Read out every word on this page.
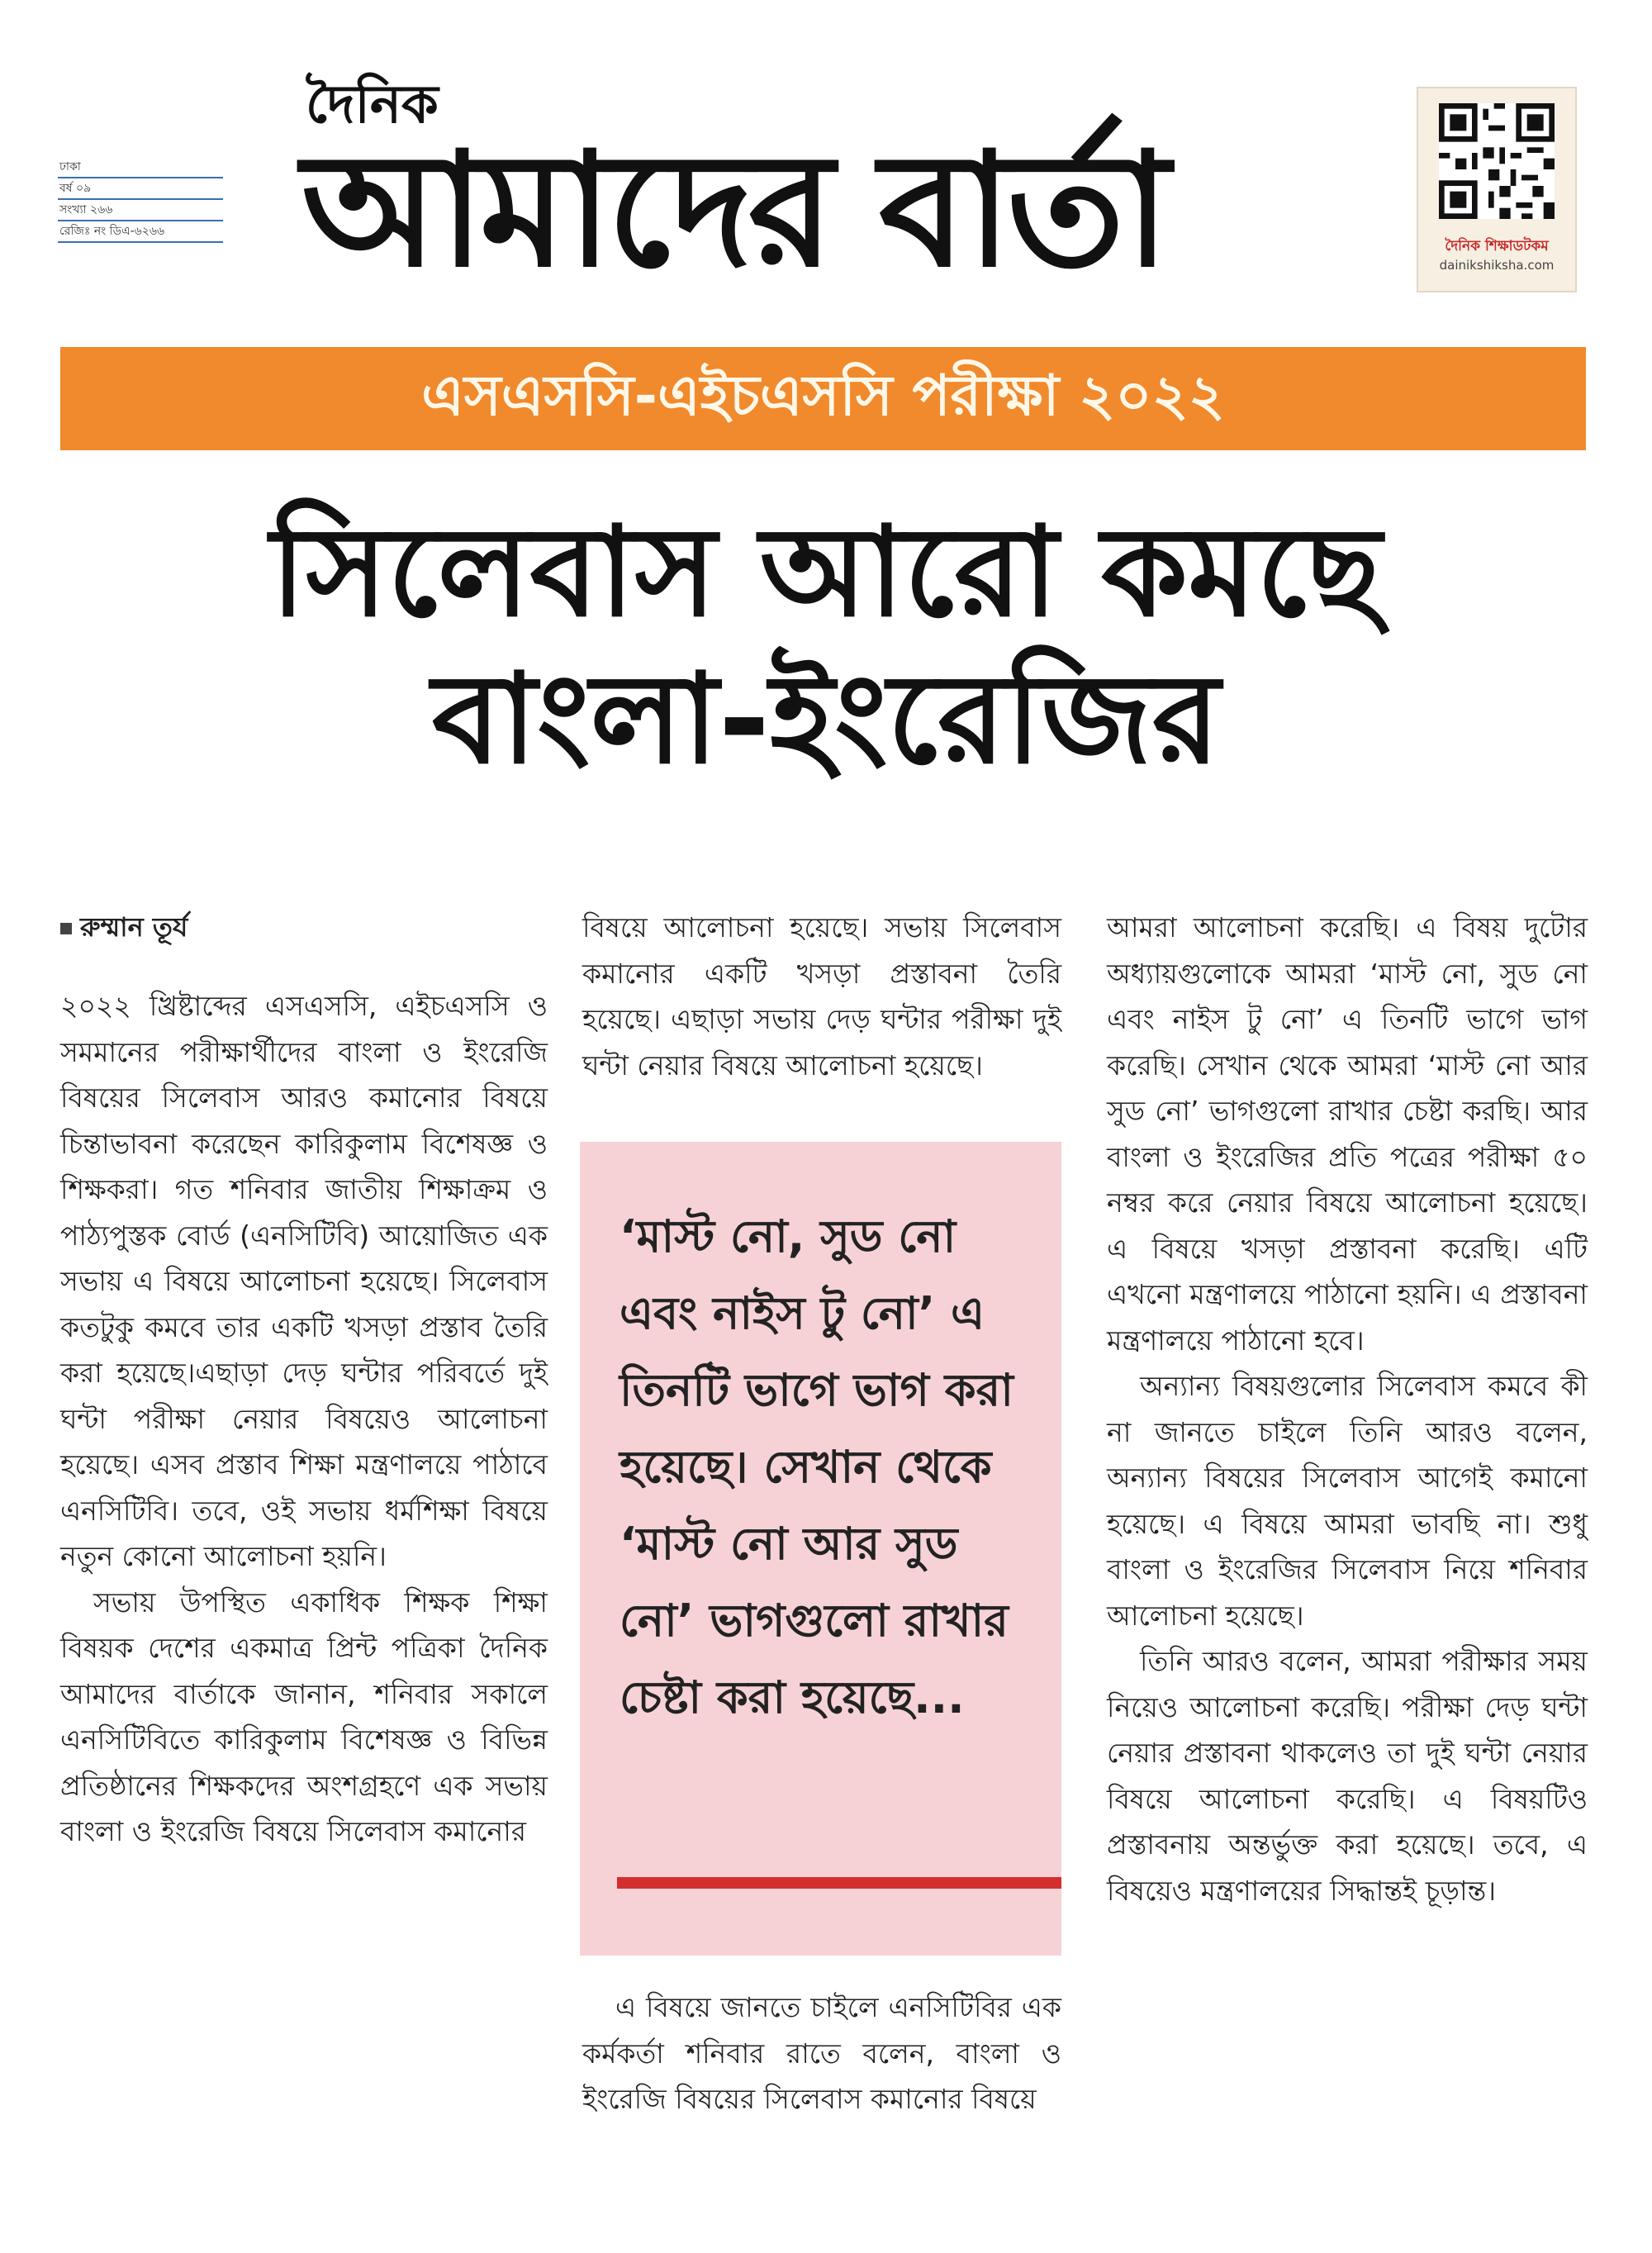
ঢাকা
বর্ষ ০৯
সংখ্যা ২৬৬
রেজিঃ নং ডিএ-৬২৬৬
দৈনিক
আমাদের বার্তা	দৈনিক শিক্ষাডটকম
dainikshiksha.com
এসএসসি-এইচএসসি পরীক্ষা ২০২২
সিলেবাস আরো কমছে
বাংলা-ইংরেজির

রুম্মান তূর্য

২০২২ খ্রিষ্টাব্দের এসএসসি, এইচএসসি ও সমমানের পরীক্ষার্থীদের বাংলা ও ইংরেজি বিষয়ের সিলেবাস আরও কমানোর বিষয়ে চিন্তাভাবনা করেছেন কারিকুলাম বিশেষজ্ঞ ও শিক্ষকরা। গত শনিবার জাতীয় শিক্ষাক্রম ও পাঠ্যপুস্তক বোর্ড (এনসিটিবি) আয়োজিত এক সভায় এ বিষয়ে আলোচনা হয়েছে। সিলেবাস কতটুকু কমবে তার একটি খসড়া প্রস্তাব তৈরি করা হয়েছে।এছাড়া দেড় ঘন্টার পরিবর্তে দুই ঘন্টা পরীক্ষা নেয়ার বিষয়েও আলোচনা হয়েছে। এসব প্রস্তাব শিক্ষা মন্ত্রণালয়ে পাঠাবে এনসিটিবি। তবে, ওই সভায় ধর্মশিক্ষা বিষয়ে নতুন কোনো আলোচনা হয়নি।

সভায় উপস্থিত একাধিক শিক্ষক শিক্ষা বিষয়ক দেশের একমাত্র প্রিন্ট পত্রিকা দৈনিক আমাদের বার্তাকে জানান, শনিবার সকালে এনসিটিবিতে কারিকুলাম বিশেষজ্ঞ ও বিভিন্ন প্রতিষ্ঠানের শিক্ষকদের অংশগ্রহণে এক সভায় বাংলা ও ইংরেজি বিষয়ে সিলেবাস কমানোর

বিষয়ে আলোচনা হয়েছে। সভায় সিলেবাস কমানোর একটি খসড়া প্রস্তাবনা তৈরি হয়েছে। এছাড়া সভায় দেড় ঘন্টার পরীক্ষা দুই ঘন্টা নেয়ার বিষয়ে আলোচনা হয়েছে।

‘মাস্ট নো, সুড নো এবং নাইস টু নো’ এ তিনটি ভাগে ভাগ করা হয়েছে। সেখান থেকে ‘মাস্ট নো আর সুড নো’ ভাগগুলো রাখার চেষ্টা করা হয়েছে...

এ বিষয়ে জানতে চাইলে এনসিটিবির এক কর্মকর্তা শনিবার রাতে বলেন, বাংলা ও ইংরেজি বিষয়ের সিলেবাস কমানোর বিষয়ে

আমরা আলোচনা করেছি। এ বিষয় দুটোর অধ্যায়গুলোকে আমরা ‘মাস্ট নো, সুড নো এবং নাইস টু নো’ এ তিনটি ভাগে ভাগ করেছি। সেখান থেকে আমরা ‘মাস্ট নো আর সুড নো’ ভাগগুলো রাখার চেষ্টা করছি। আর বাংলা ও ইংরেজির প্রতি পত্রের পরীক্ষা ৫০ নম্বর করে নেয়ার বিষয়ে আলোচনা হয়েছে। এ বিষয়ে খসড়া প্রস্তাবনা করেছি। এটি এখনো মন্ত্রণালয়ে পাঠানো হয়নি। এ প্রস্তাবনা মন্ত্রণালয়ে পাঠানো হবে।

অন্যান্য বিষয়গুলোর সিলেবাস কমবে কী না জানতে চাইলে তিনি আরও বলেন, অন্যান্য বিষয়ের সিলেবাস আগেই কমানো হয়েছে। এ বিষয়ে আমরা ভাবছি না। শুধু বাংলা ও ইংরেজির সিলেবাস নিয়ে শনিবার আলোচনা হয়েছে।

তিনি আরও বলেন, আমরা পরীক্ষার সময় নিয়েও আলোচনা করেছি। পরীক্ষা দেড় ঘন্টা নেয়ার প্রস্তাবনা থাকলেও তা দুই ঘন্টা নেয়ার বিষয়ে আলোচনা করেছি। এ বিষয়টিও প্রস্তাবনায় অন্তর্ভুক্ত করা হয়েছে। তবে, এ বিষয়েও মন্ত্রণালয়ের সিদ্ধান্তই চূড়ান্ত।
